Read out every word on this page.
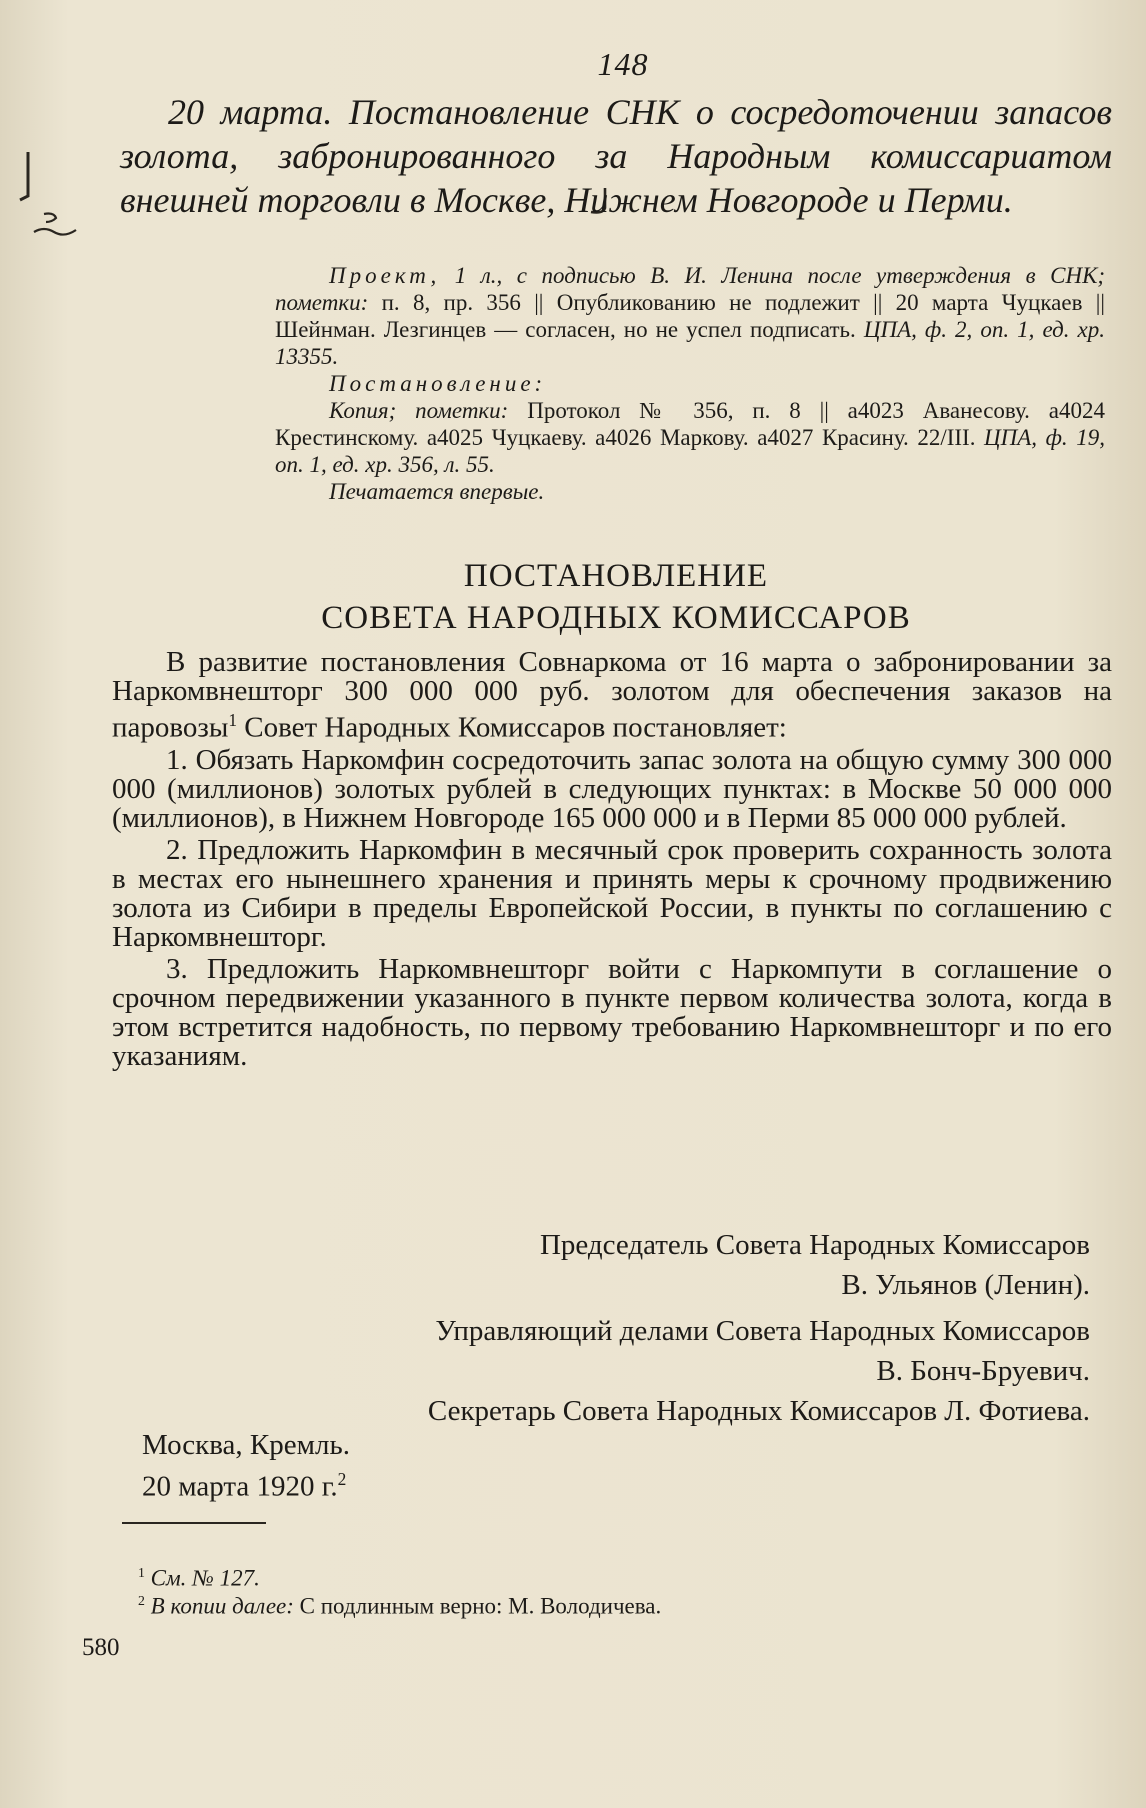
148
20 марта. Постановление СНК о сосредоточении запасов золота, забронированного за Народным комиссариатом внешней торговли в Москве, Нижнем Новгороде и Перми.

Проект, 1 л., с подписью В. И. Ленина после утверждения в СНК; пометки: п. 8, пр. 356 || Опубликованию не подлежит || 20 марта Чуцкаев || Шейнман. Лезгинцев — согласен, но не успел подписать. ЦПА, ф. 2, оп. 1, ед. хр. 13355.

Постановление:

Копия; пометки: Протокол № 356, п. 8 || а4023 Аванесову. а4024 Крестинскому. а4025 Чуцкаеву. а4026 Маркову. а4027 Красину. 22/III. ЦПА, ф. 19, оп. 1, ед. хр. 356, л. 55.

Печатается впервые.

ПОСТАНОВЛЕНИЕ
СОВЕТА НАРОДНЫХ КОМИССАРОВ

В развитие постановления Совнаркома от 16 марта о забронировании за Наркомвнешторг 300 000 000 руб. золотом для обеспечения заказов на паровозы$^1$ Совет Народных Комиссаров постановляет:

1. Обязать Наркомфин сосредоточить запас золота на общую сумму 300 000 000 (миллионов) золотых рублей в следующих пунктах: в Москве 50 000 000 (миллионов), в Нижнем Новгороде 165 000 000 и в Перми 85 000 000 рублей.

2. Предложить Наркомфин в месячный срок проверить сохранность золота в местах его нынешнего хранения и принять меры к срочному продвижению золота из Сибири в пределы Европейской России, в пункты по соглашению с Наркомвнешторг.

3. Предложить Наркомвнешторг войти с Наркомпути в соглашение о срочном передвижении указанного в пункте первом количества золота, когда в этом встретится надобность, по первому требованию Наркомвнешторг и по его указаниям.

Председатель Совета Народных Комиссаров
В. Ульянов (Ленин).
Управляющий делами Совета Народных Комиссаров
В. Бонч-Бруевич.
Секретарь Совета Народных Комиссаров Л. Фотиева.
Москва, Кремль.
20 марта 1920 г.$^2$
$^1$ См. № 127.
$^2$ В копии далее: С подлинным верно: М. Володичева.
580
